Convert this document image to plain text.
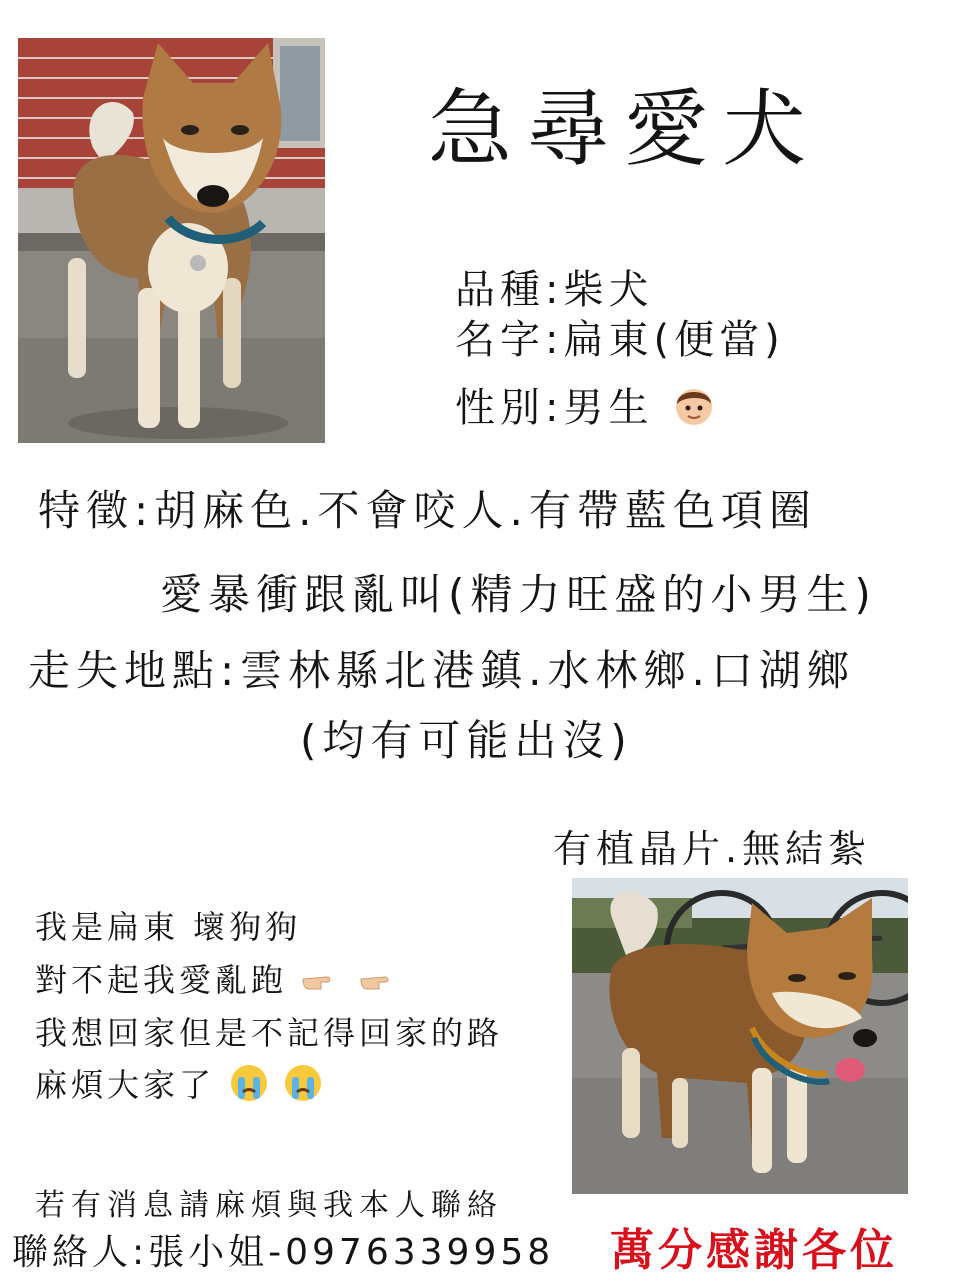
急尋愛犬
品種:柴犬
名字:扁東(便當)
性別:男生
特徵:胡麻色.不會咬人.有帶藍色項圈
愛暴衝跟亂叫(精力旺盛的小男生)
走失地點:雲林縣北港鎮.水林鄉.口湖鄉
(均有可能出沒)
有植晶片.無結紮
我是扁東 壞狗狗
對不起我愛亂跑
我想回家但是不記得回家的路
麻煩大家了
若有消息請麻煩與我本人聯絡
聯絡人:張小姐-0976339958 萬分感謝各位
